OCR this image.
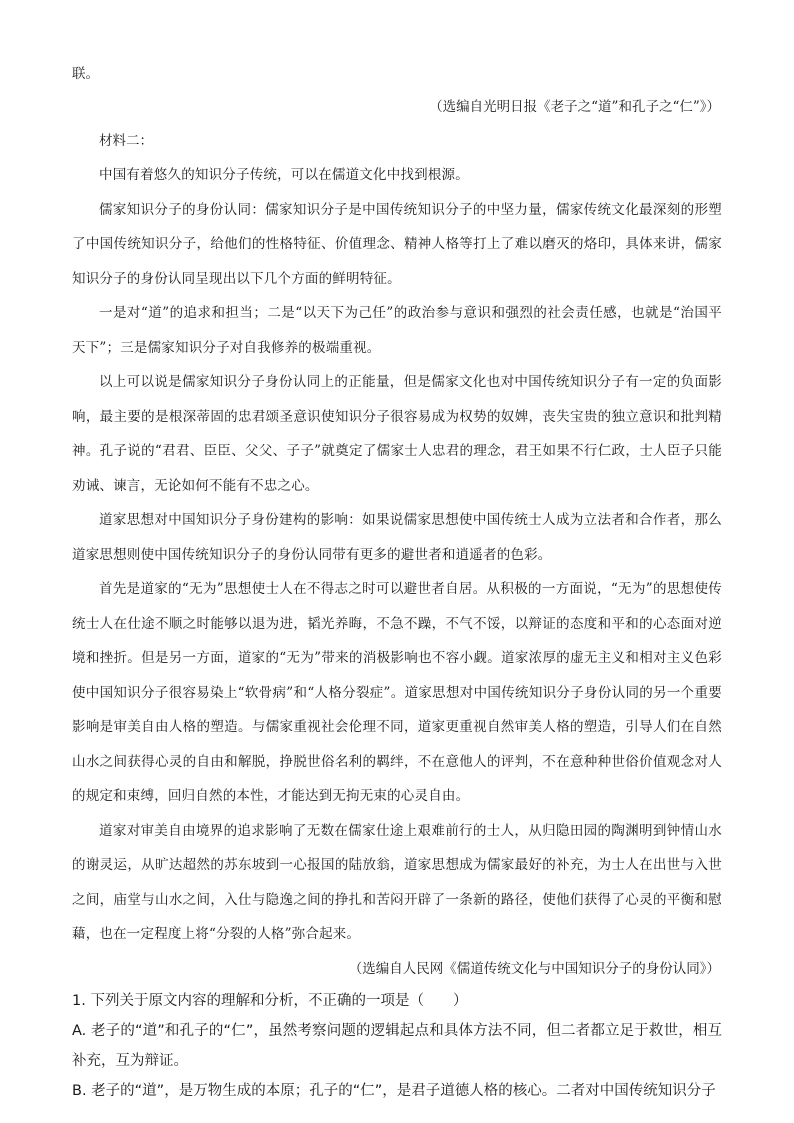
联。

（选编自光明日报《老子之“道”和孔子之“仁”》）

材料二：

中国有着悠久的知识分子传统，可以在儒道文化中找到根源。

儒家知识分子的身份认同：儒家知识分子是中国传统知识分子的中坚力量，儒家传统文化最深刻的形塑了中国传统知识分子，给他们的性格特征、价值理念、精神人格等打上了难以磨灭的烙印，具体来讲，儒家知识分子的身份认同呈现出以下几个方面的鲜明特征。

一是对“道”的追求和担当；二是“以天下为己任”的政治参与意识和强烈的社会责任感，也就是“治国平天下”；三是儒家知识分子对自我修养的极端重视。

以上可以说是儒家知识分子身份认同上的正能量，但是儒家文化也对中国传统知识分子有一定的负面影响，最主要的是根深蒂固的忠君颂圣意识使知识分子很容易成为权势的奴婢，丧失宝贵的独立意识和批判精神。孔子说的“君君、臣臣、父父、子子”就奠定了儒家士人忠君的理念，君王如果不行仁政，士人臣子只能劝诫、谏言，无论如何不能有不忠之心。

道家思想对中国知识分子身份建构的影响：如果说儒家思想使中国传统士人成为立法者和合作者，那么道家思想则使中国传统知识分子的身份认同带有更多的避世者和逍遥者的色彩。

首先是道家的“无为”思想使士人在不得志之时可以避世者自居。从积极的一方面说，“无为”的思想使传统士人在仕途不顺之时能够以退为进，韬光养晦，不急不躁，不气不馁，以辩证的态度和平和的心态面对逆境和挫折。但是另一方面，道家的“无为”带来的消极影响也不容小觑。道家浓厚的虚无主义和相对主义色彩使中国知识分子很容易染上“软骨病”和“人格分裂症”。道家思想对中国传统知识分子身份认同的另一个重要影响是审美自由人格的塑造。与儒家重视社会伦理不同，道家更重视自然审美人格的塑造，引导人们在自然山水之间获得心灵的自由和解脱，挣脱世俗名利的羁绊，不在意他人的评判，不在意种种世俗价值观念对人的规定和束缚，回归自然的本性，才能达到无拘无束的心灵自由。

道家对审美自由境界的追求影响了无数在儒家仕途上艰难前行的士人，从归隐田园的陶渊明到钟情山水的谢灵运，从旷达超然的苏东坡到一心报国的陆放翁，道家思想成为儒家最好的补充，为士人在出世与入世之间，庙堂与山水之间，入仕与隐逸之间的挣扎和苦闷开辟了一条新的路径，使他们获得了心灵的平衡和慰藉，也在一定程度上将“分裂的人格”弥合起来。

（选编自人民网《儒道传统文化与中国知识分子的身份认同》）

1. 下列关于原文内容的理解和分析，不正确的一项是（　　）

A. 老子的“道”和孔子的“仁”，虽然考察问题的逻辑起点和具体方法不同，但二者都立足于救世，相互补充，互为辩证。

B. 老子的“道”，是万物生成的本原；孔子的“仁”，是君子道德人格的核心。二者对中国传统知识分子
